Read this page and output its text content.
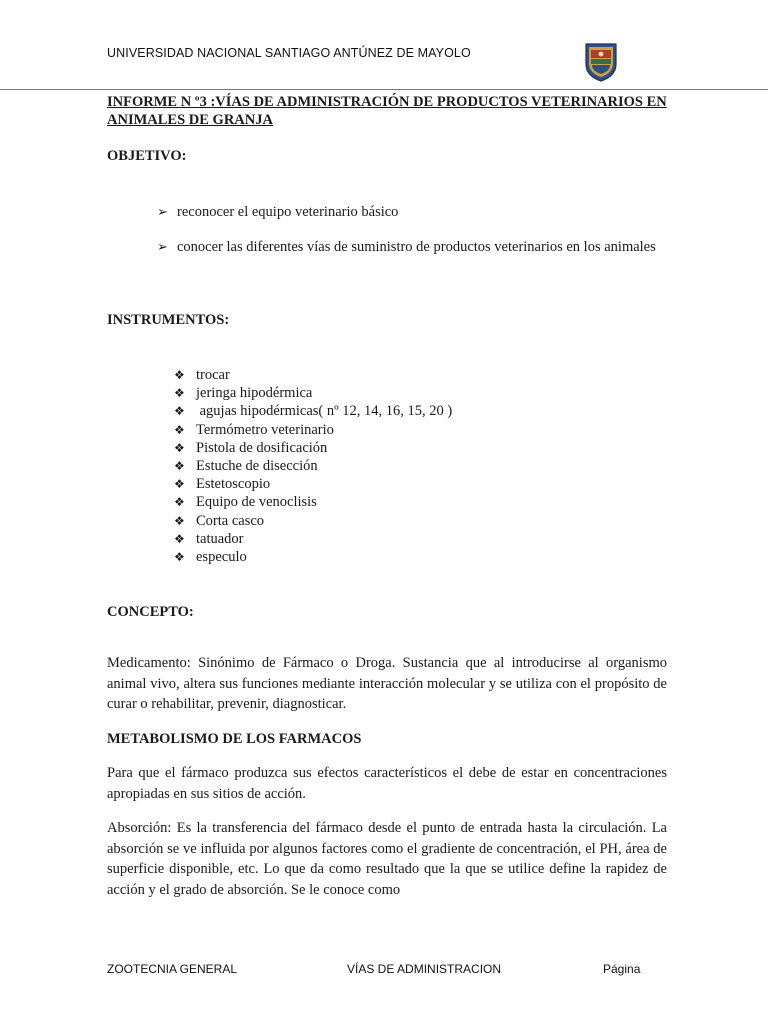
UNIVERSIDAD NACIONAL SANTIAGO ANTÚNEZ DE MAYOLO
INFORME N º3 :VÍAS DE ADMINISTRACIÓN DE PRODUCTOS VETERINARIOS EN ANIMALES DE GRANJA
OBJETIVO:
➢ reconocer el equipo veterinario básico
➢ conocer las diferentes vías de suministro de productos veterinarios en los animales
INSTRUMENTOS:
❖ trocar
❖ jeringa hipodérmica
❖ agujas hipodérmicas( nº 12, 14, 16, 15, 20 )
❖ Termómetro veterinario
❖ Pistola de dosificación
❖ Estuche de disección
❖ Estetoscopio
❖ Equipo de venoclisis
❖ Corta casco
❖ tatuador
❖ especulo
CONCEPTO:
Medicamento: Sinónimo de Fármaco o Droga. Sustancia que al introducirse al organismo animal vivo, altera sus funciones mediante interacción molecular y se utiliza con el propósito de curar o rehabilitar, prevenir, diagnosticar.
METABOLISMO DE LOS FARMACOS
Para que el fármaco produzca sus efectos característicos el debe de estar en concentraciones apropiadas en sus sitios de acción.
Absorción: Es la transferencia del fármaco desde el punto de entrada hasta la circulación. La absorción se ve influida por algunos factores como el gradiente de concentración, el PH, área de superficie disponible, etc. Lo que da como resultado que la que se utilice define la rapidez de acción y el grado de absorción. Se le conoce como
ZOOTECNIA GENERAL	VÍAS DE ADMINISTRACION	Página
